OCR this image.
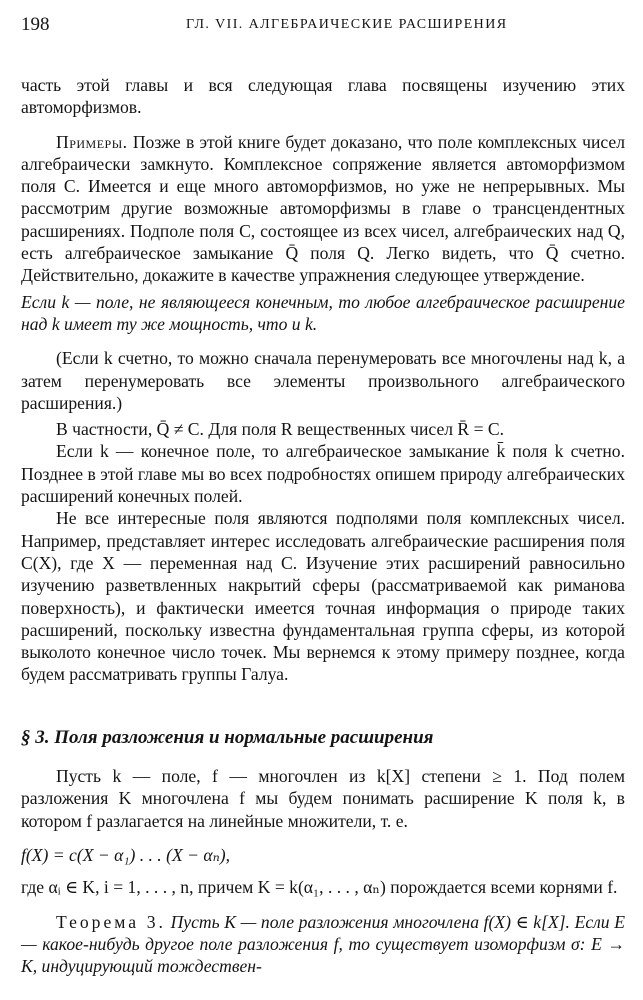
198	ГЛ. VII. АЛГЕБРАИЧЕСКИЕ РАСШИРЕНИЯ

часть этой главы и вся следующая глава посвящены изучению этих автоморфизмов.

Примеры. Позже в этой книге будет доказано, что поле комплексных чисел алгебраически замкнуто. Комплексное сопряжение является автоморфизмом поля C. Имеется и еще много автоморфизмов, но уже не непрерывных. Мы рассмотрим другие возможные автоморфизмы в главе о трансцендентных расширениях. Подполе поля C, состоящее из всех чисел, алгебраических над Q, есть алгебраическое замыкание Q̄ поля Q. Легко видеть, что Q̄ счетно. Действительно, докажите в качестве упражнения следующее утверждение.

Если k — поле, не являющееся конечным, то любое алгебраическое расширение над k имеет ту же мощность, что и k.

(Если k счетно, то можно сначала перенумеровать все многочлены над k, а затем перенумеровать все элементы произвольного алгебраического расширения.)

В частности, Q̄ ≠ C. Для поля R вещественных чисел R̄ = C.

Если k — конечное поле, то алгебраическое замыкание k̄ поля k счетно. Позднее в этой главе мы во всех подробностях опишем природу алгебраических расширений конечных полей.

Не все интересные поля являются подполями поля комплексных чисел. Например, представляет интерес исследовать алгебраические расширения поля C(X), где X — переменная над C. Изучение этих расширений равносильно изучению разветвленных накрытий сферы (рассматриваемой как риманова поверхность), и фактически имеется точная информация о природе таких расширений, поскольку известна фундаментальная группа сферы, из которой выколото конечное число точек. Мы вернемся к этому примеру позднее, когда будем рассматривать группы Галуа.

§ 3. Поля разложения и нормальные расширения

Пусть k — поле, f — многочлен из k[X] степени ≥ 1. Под полем разложения K многочлена f мы будем понимать расширение K поля k, в котором f разлагается на линейные множители, т. е.

f(X) = c(X − α₁) . . . (X − αₙ),

где αᵢ ∈ K, i = 1, . . . , n, причем K = k(α₁, . . . , αₙ) порождается всеми корнями f.

Теорема 3. Пусть K — поле разложения многочлена f(X) ∈ k[X]. Если E — какое-нибудь другое поле разложения f, то существует изоморфизм σ: E → K, индуцирующий тождествен-
